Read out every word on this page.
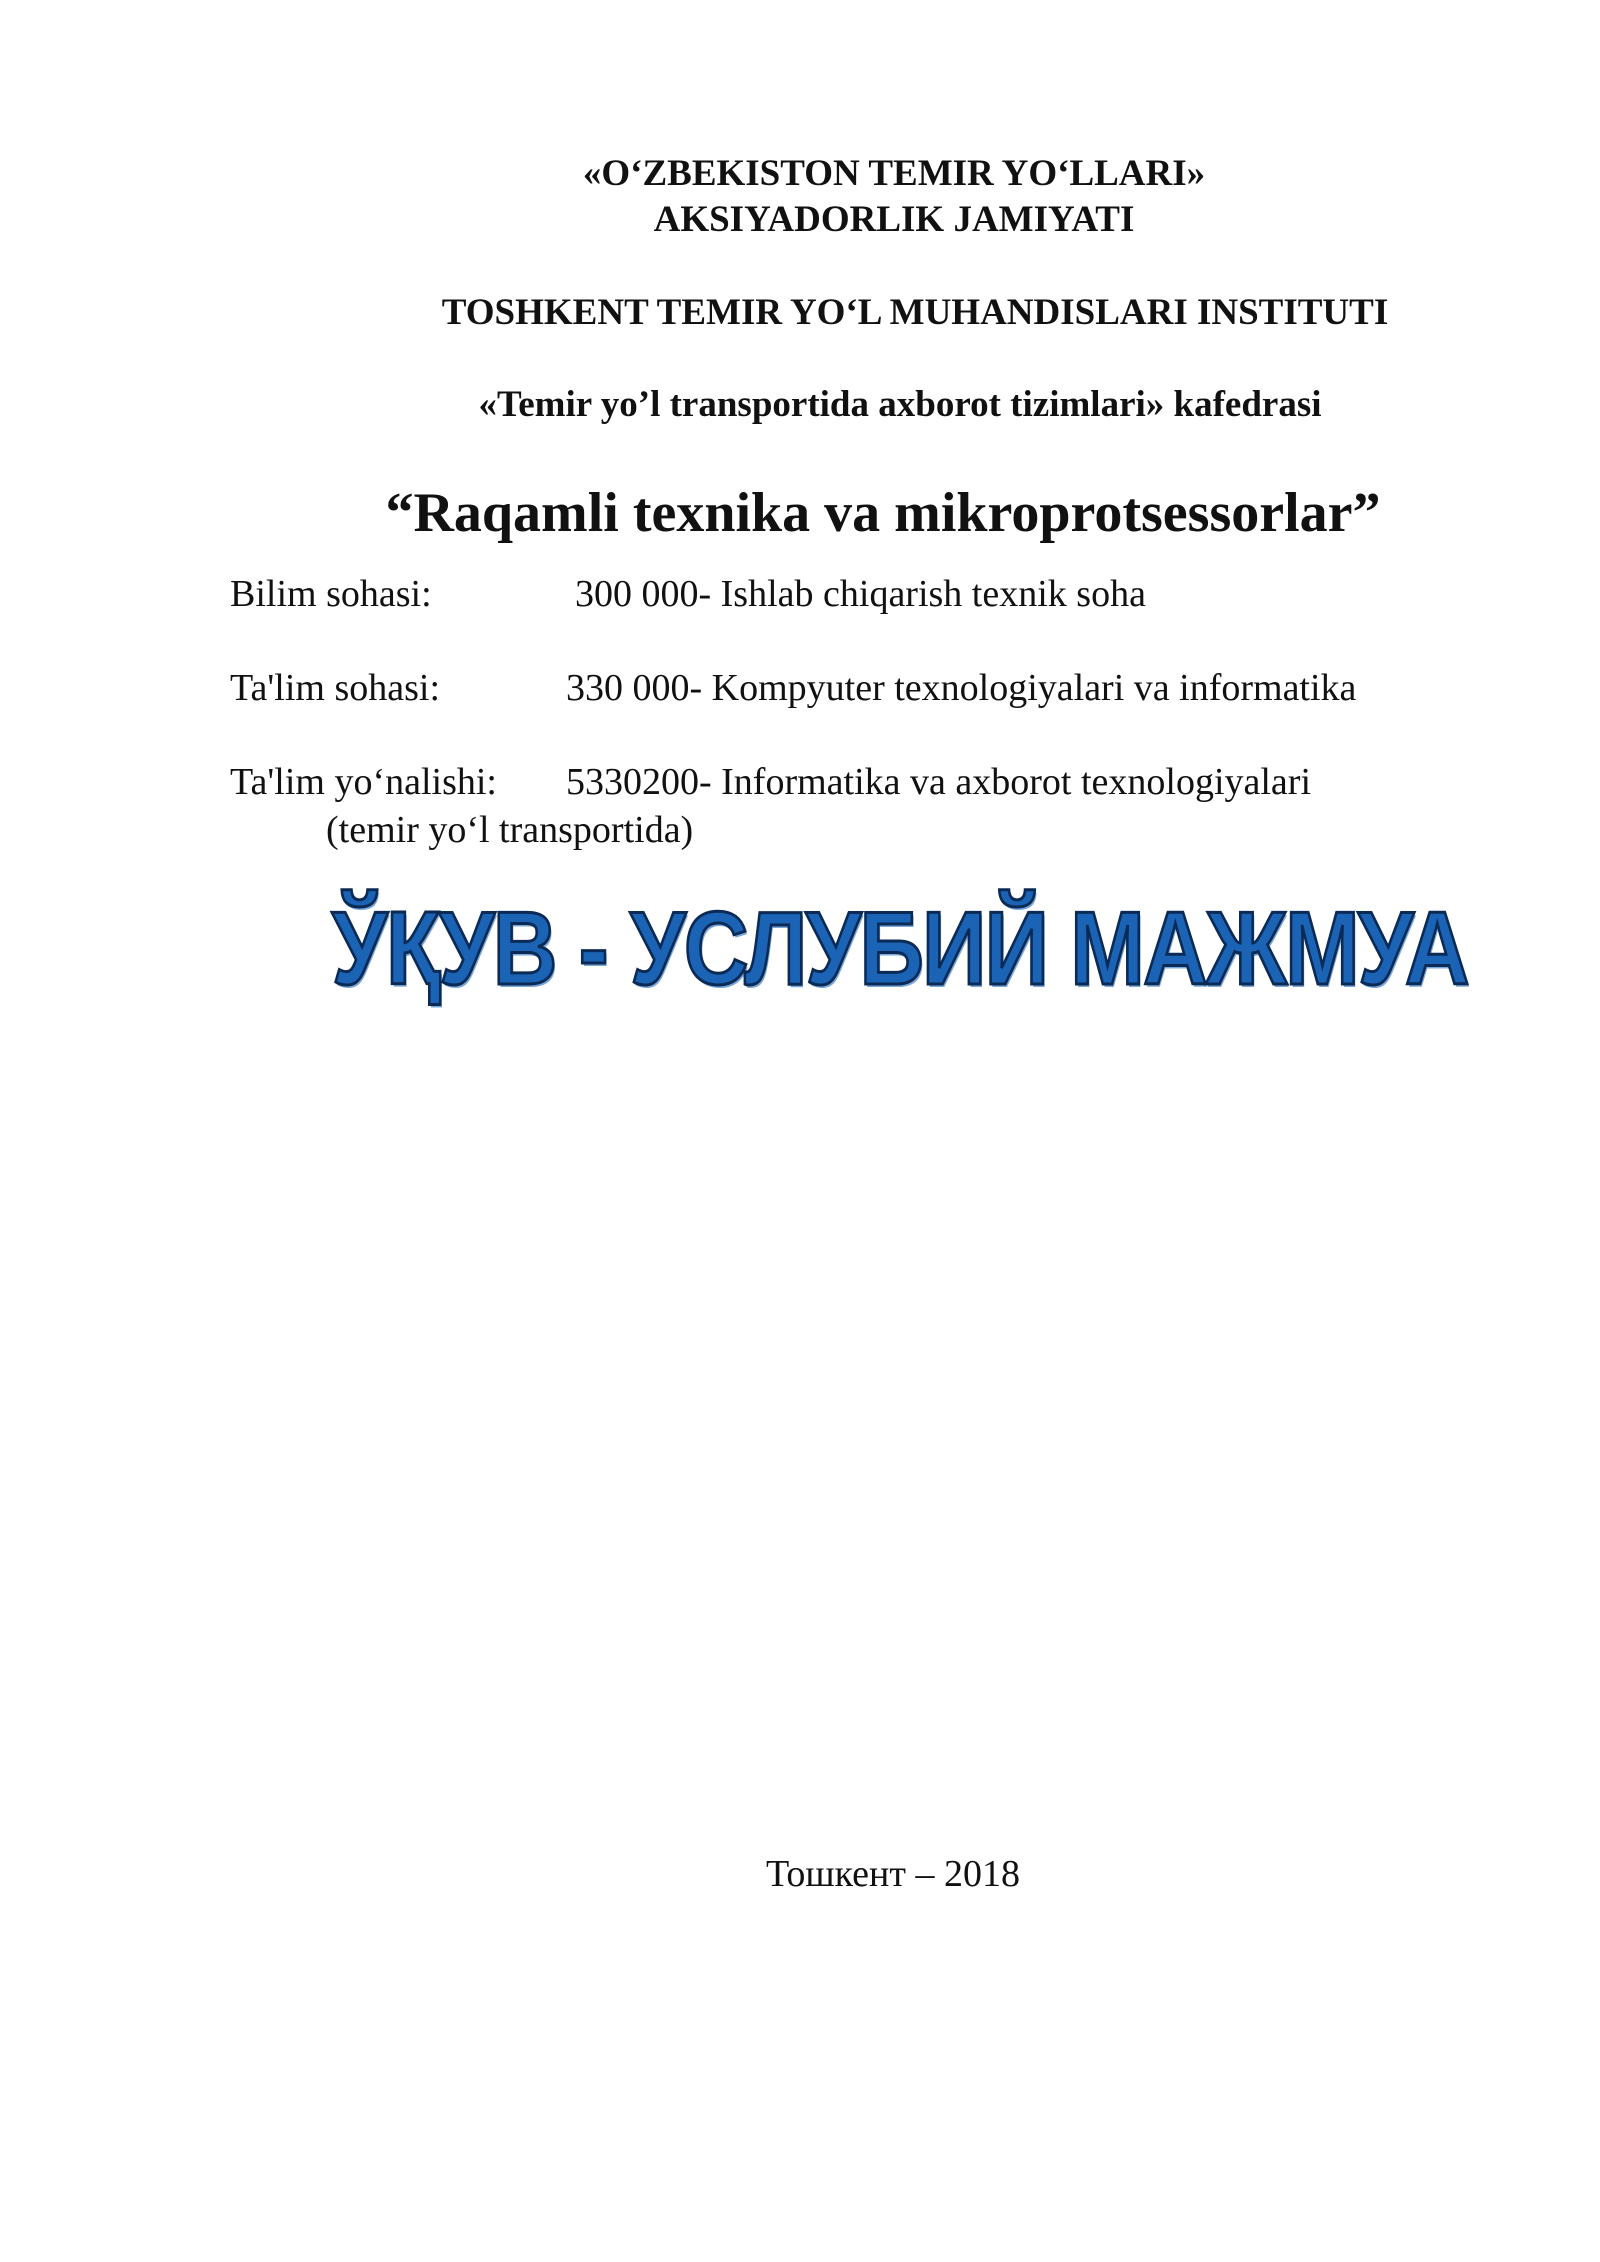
«O‘ZBEKISTON TEMIR YO‘LLARI»
AKSIYADORLIK JAMIYATI
TOSHKENT TEMIR YO‘L MUHANDISLARI INSTITUTI
«Temir yo’l transportida axborot tizimlari» kafedrasi
“Raqamli texnika va mikroprotsessorlar”
Bilim sohasi:	300 000- Ishlab chiqarish texnik soha
Ta'lim sohasi:	330 000- Kompyuter texnologiyalari va informatika
Ta'lim yo‘nalishi: 5330200- Informatika va axborot texnologiyalari
(temir yo‘l transportida)
ЎҚУВ - УСЛУБИЙ МАЖМУА
Тошкент – 2018
